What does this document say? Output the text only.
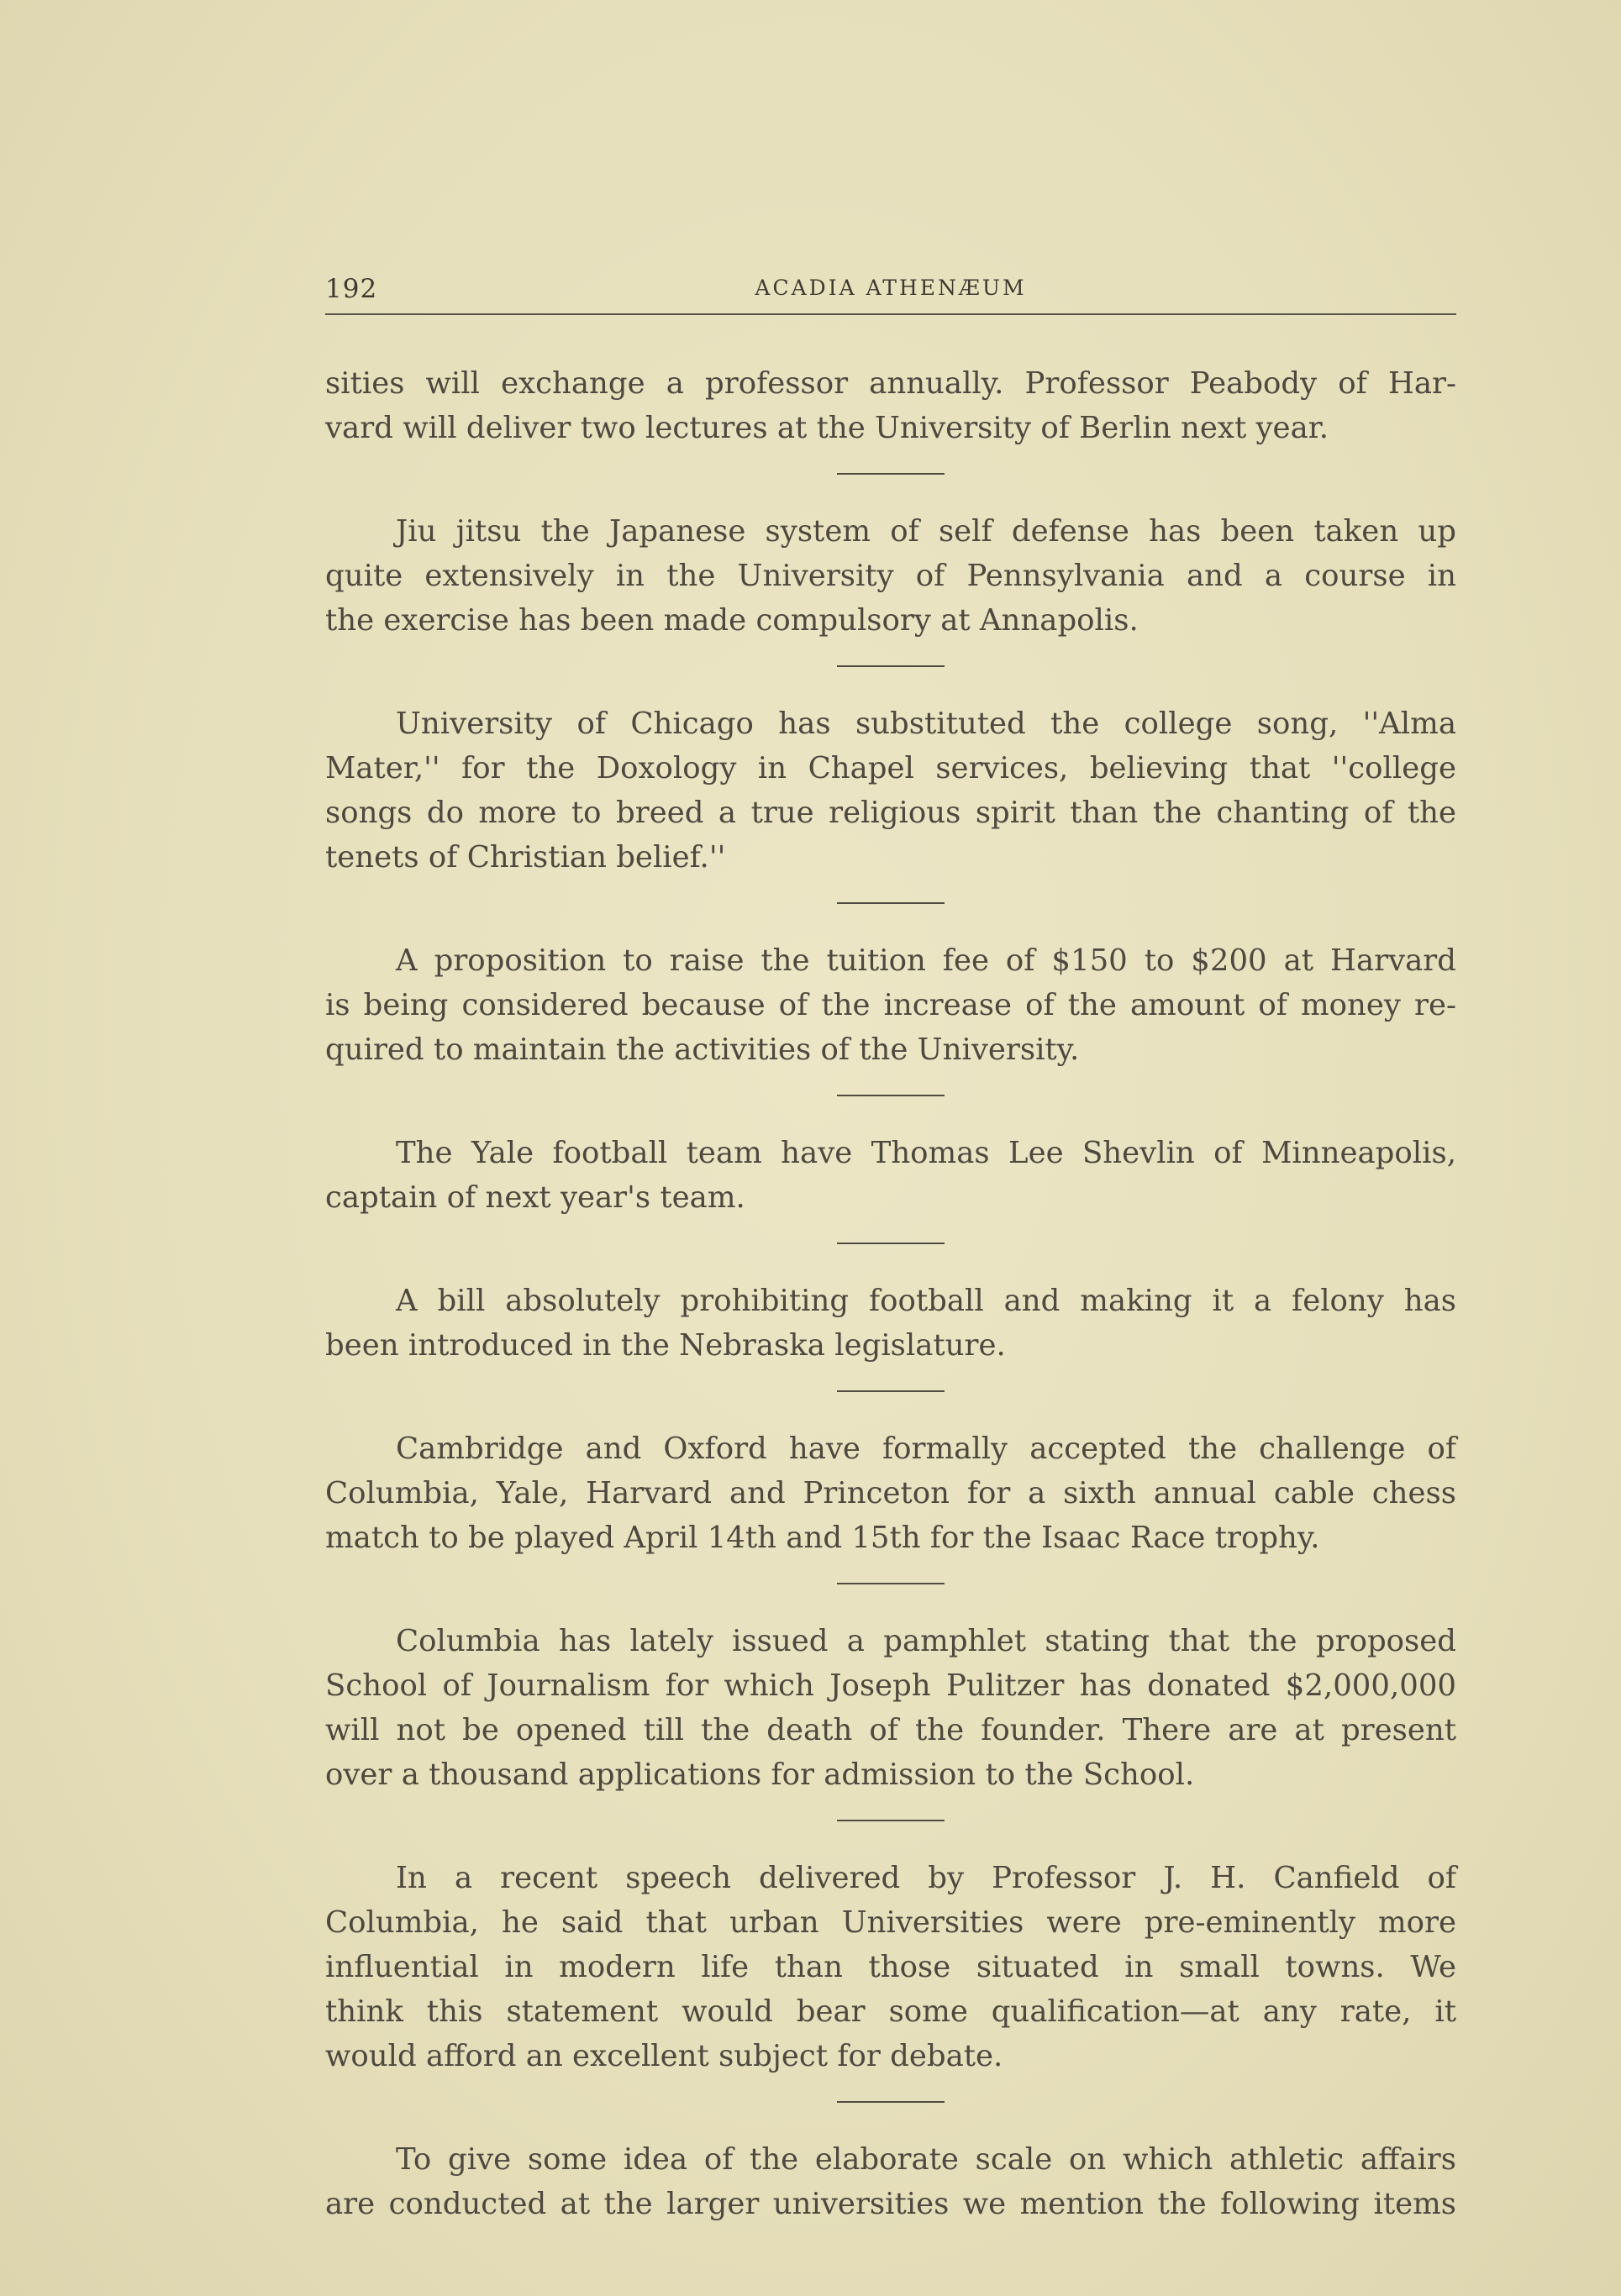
192	ACADIA ATHENÆUM

sities will exchange a professor annually. Professor Peabody of Har-
vard will deliver two lectures at the University of Berlin next year.

Jiu jitsu the Japanese system of self defense has been taken up
quite extensively in the University of Pennsylvania and a course in
the exercise has been made compulsory at Annapolis.

University of Chicago has substituted the college song, ''Alma
Mater,'' for the Doxology in Chapel services, believing that ''college
songs do more to breed a true religious spirit than the chanting of the
tenets of Christian belief.''

A proposition to raise the tuition fee of $150 to $200 at Harvard
is being considered because of the increase of the amount of money re-
quired to maintain the activities of the University.

The Yale football team have Thomas Lee Shevlin of Minneapolis,
captain of next year's team.

A bill absolutely prohibiting football and making it a felony has
been introduced in the Nebraska legislature.

Cambridge and Oxford have formally accepted the challenge of
Columbia, Yale, Harvard and Princeton for a sixth annual cable chess
match to be played April 14th and 15th for the Isaac Race trophy.

Columbia has lately issued a pamphlet stating that the proposed
School of Journalism for which Joseph Pulitzer has donated $2,000,000
will not be opened till the death of the founder. There are at present
over a thousand applications for admission to the School.

In a recent speech delivered by Professor J. H. Canfield of
Columbia, he said that urban Universities were pre-eminently more
influential in modern life than those situated in small towns. We
think this statement would bear some qualification—at any rate, it
would afford an excellent subject for debate.

To give some idea of the elaborate scale on which athletic affairs
are conducted at the larger universities we mention the following items
